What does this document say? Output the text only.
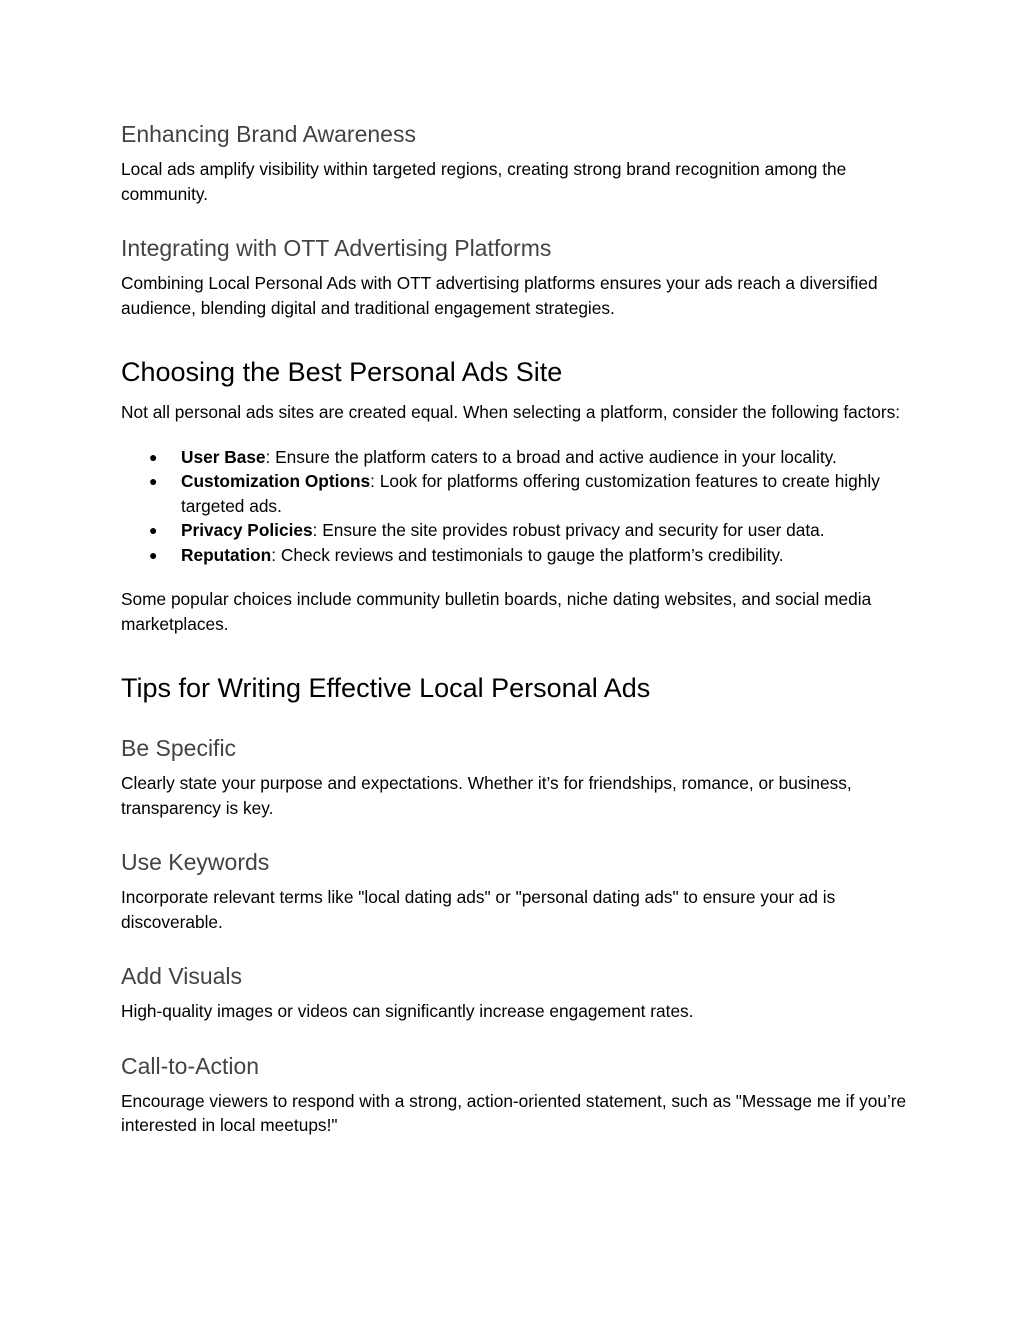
Enhancing Brand Awareness

Local ads amplify visibility within targeted regions, creating strong brand recognition among the community.

Integrating with OTT Advertising Platforms

Combining Local Personal Ads with OTT advertising platforms ensures your ads reach a diversified audience, blending digital and traditional engagement strategies.

Choosing the Best Personal Ads Site

Not all personal ads sites are created equal. When selecting a platform, consider the following factors:

● User Base: Ensure the platform caters to a broad and active audience in your locality.
● Customization Options: Look for platforms offering customization features to create highly targeted ads.
● Privacy Policies: Ensure the site provides robust privacy and security for user data.
● Reputation: Check reviews and testimonials to gauge the platform’s credibility.

Some popular choices include community bulletin boards, niche dating websites, and social media marketplaces.

Tips for Writing Effective Local Personal Ads
Be Specific

Clearly state your purpose and expectations. Whether it’s for friendships, romance, or business, transparency is key.

Use Keywords

Incorporate relevant terms like "local dating ads" or "personal dating ads" to ensure your ad is discoverable.

Add Visuals

High-quality images or videos can significantly increase engagement rates.

Call-to-Action

Encourage viewers to respond with a strong, action-oriented statement, such as "Message me if you’re interested in local meetups!"
